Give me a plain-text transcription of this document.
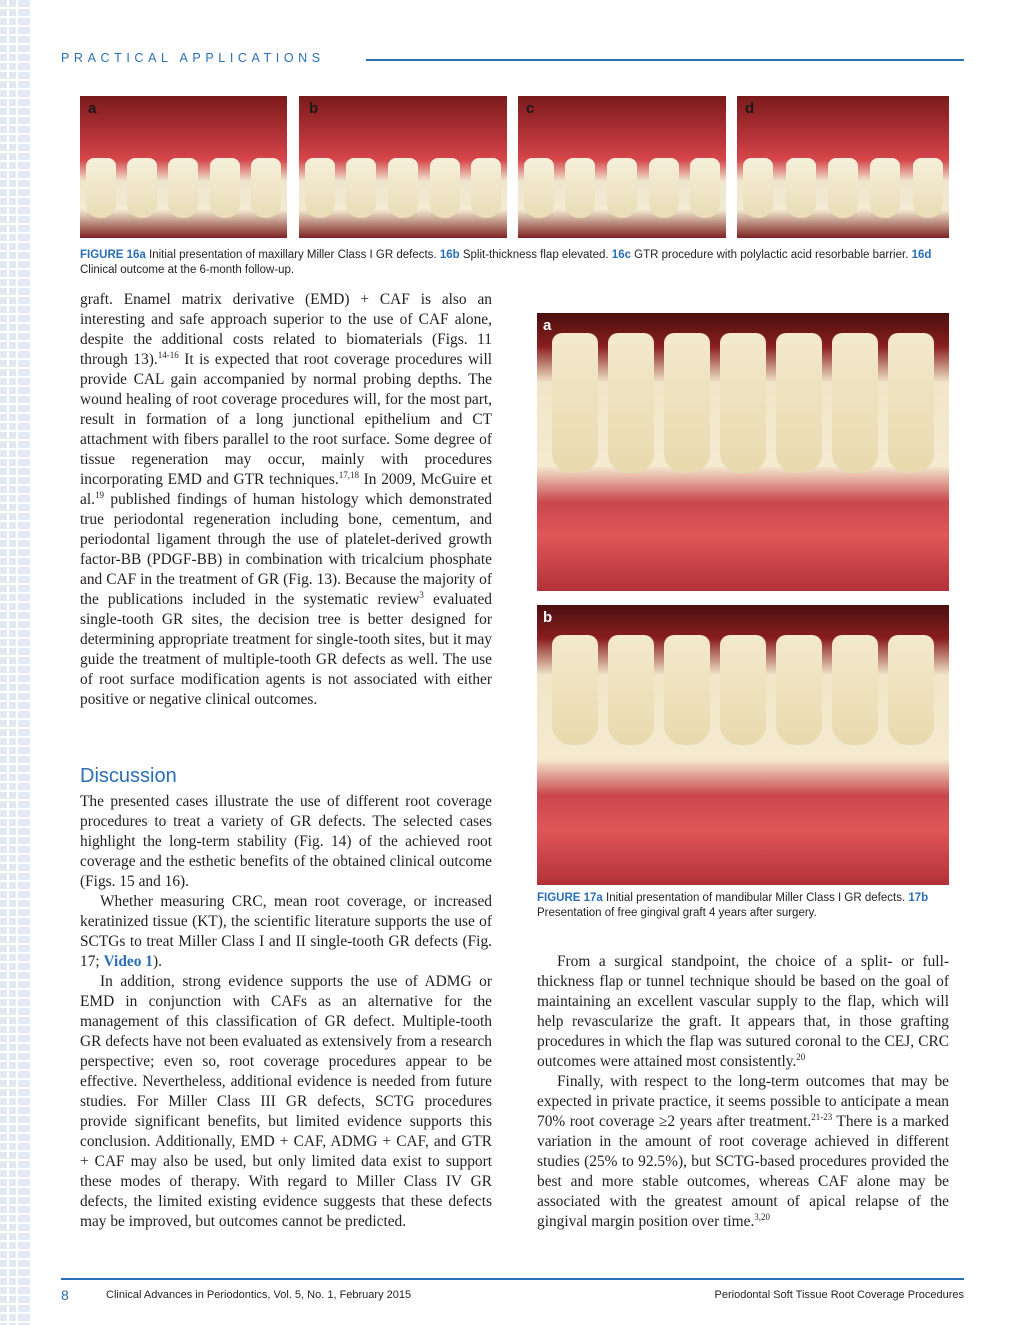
PRACTICAL APPLICATIONS
a	b	c	d
FIGURE 16a Initial presentation of maxillary Miller Class I GR defects. 16b Split-thickness flap elevated. 16c GTR procedure with polylactic acid resorbable barrier. 16d Clinical outcome at the 6-month follow-up.

graft. Enamel matrix derivative (EMD) + CAF is also an interesting and safe approach superior to the use of CAF alone, despite the additional costs related to biomaterials (Figs. 11 through 13).$^{14-16}$ It is expected that root coverage procedures will provide CAL gain accompanied by normal probing depths. The wound healing of root coverage procedures will, for the most part, result in formation of a long junctional epithelium and CT attachment with fibers parallel to the root surface. Some degree of tissue regeneration may occur, mainly with procedures incorporating EMD and GTR techniques.$^{17,18}$ In 2009, McGuire et al.$^{19}$ published findings of human histology which demonstrated true periodontal regeneration including bone, cementum, and periodontal ligament through the use of platelet-derived growth factor-BB (PDGF-BB) in combination with tricalcium phosphate and CAF in the treatment of GR (Fig. 13). Because the majority of the publications included in the systematic review$^3$ evaluated single-tooth GR sites, the decision tree is better designed for determining appropriate treatment for single-tooth sites, but it may guide the treatment of multiple-tooth GR defects as well. The use of root surface modification agents is not associated with either positive or negative clinical outcomes.

Discussion

The presented cases illustrate the use of different root coverage procedures to treat a variety of GR defects. The selected cases highlight the long-term stability (Fig. 14) of the achieved root coverage and the esthetic benefits of the obtained clinical outcome (Figs. 15 and 16).

Whether measuring CRC, mean root coverage, or increased keratinized tissue (KT), the scientific literature supports the use of SCTGs to treat Miller Class I and II single-tooth GR defects (Fig. 17; Video 1).

In addition, strong evidence supports the use of ADMG or EMD in conjunction with CAFs as an alternative for the management of this classification of GR defect. Multiple-tooth GR defects have not been evaluated as extensively from a research perspective; even so, root coverage procedures appear to be effective. Nevertheless, additional evidence is needed from future studies. For Miller Class III GR defects, SCTG procedures provide significant benefits, but limited evidence supports this conclusion. Additionally, EMD + CAF, ADMG + CAF, and GTR + CAF may also be used, but only limited data exist to support these modes of therapy. With regard to Miller Class IV GR defects, the limited existing evidence suggests that these defects may be improved, but outcomes cannot be predicted.

a
b
FIGURE 17a Initial presentation of mandibular Miller Class I GR defects. 17b Presentation of free gingival graft 4 years after surgery.

From a surgical standpoint, the choice of a split- or full-thickness flap or tunnel technique should be based on the goal of maintaining an excellent vascular supply to the flap, which will help revascularize the graft. It appears that, in those grafting procedures in which the flap was sutured coronal to the CEJ, CRC outcomes were attained most consistently.$^{20}$

Finally, with respect to the long-term outcomes that may be expected in private practice, it seems possible to anticipate a mean 70% root coverage ≥2 years after treatment.$^{21-23}$ There is a marked variation in the amount of root coverage achieved in different studies (25% to 92.5%), but SCTG-based procedures provided the best and more stable outcomes, whereas CAF alone may be associated with the greatest amount of apical relapse of the gingival margin position over time.$^{3,20}$

8	Clinical Advances in Periodontics, Vol. 5, No. 1, February 2015	Periodontal Soft Tissue Root Coverage Procedures
